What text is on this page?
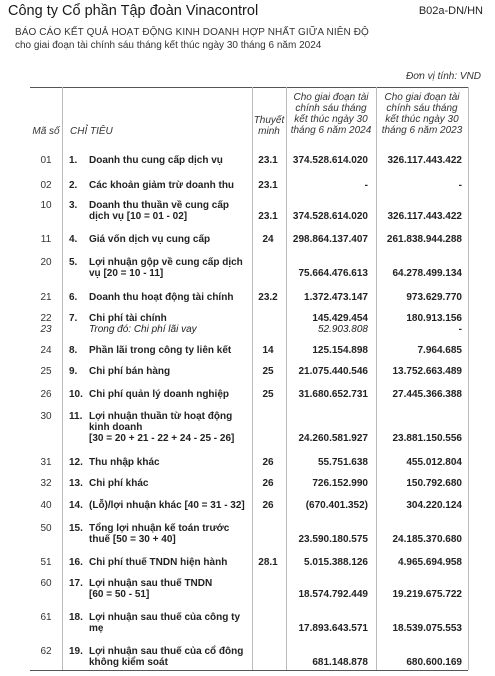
Công ty Cổ phần Tập đoàn Vinacontrol	B02a-DN/HN
BÁO CÁO KẾT QUẢ HOẠT ĐỘNG KINH DOANH HỢP NHẤT GIỮA NIÊN ĐỘ
cho giai đoạn tài chính sáu tháng kết thúc ngày 30 tháng 6 năm 2024
Đơn vị tính: VND
Mã số CHỈ TIÊU
Thuyết
minh
Cho giai đoạn tài
chính sáu tháng
kết thúc ngày 30
tháng 6 năm 2024
Cho giai đoạn tài
chính sáu tháng
kết thúc ngày 30
tháng 6 năm 2023
01	1. Doanh thu cung cấp dịch vụ	23.1	374.528.614.020	326.117.443.422
02	2. Các khoản giảm trừ doanh thu	23.1	-	-
10	3. Doanh thu thuần về cung cấp
dịch vụ [10 = 01 - 02]	23.1	374.528.614.020	326.117.443.422
11	4. Giá vốn dịch vụ cung cấp	24	298.864.137.407	261.838.944.288
20	5. Lợi nhuận gộp về cung cấp dịch
vụ [20 = 10 - 11]	75.664.476.613	64.278.499.134
21	6. Doanh thu hoạt động tài chính	23.2	1.372.473.147	973.629.770
22	7. Chi phí tài chính	145.429.454	180.913.156
23	Trong đó: Chi phí lãi vay	52.903.808	-
24	8. Phần lãi trong công ty liên kết	14	125.154.898	7.964.685
25	9. Chi phí bán hàng	25	21.075.440.546	13.752.663.489
26	10. Chi phí quản lý doanh nghiệp	25	31.680.652.731	27.445.366.388
30	11. Lợi nhuận thuần từ hoạt động
kinh doanh
[30 = 20 + 21 - 22 + 24 - 25 - 26]	24.260.581.927	23.881.150.556
31	12. Thu nhập khác	26	55.751.638	455.012.804
32	13. Chi phí khác	26	726.152.990	150.792.680
40	14. (Lỗ)/lợi nhuận khác [40 = 31 - 32]	26	(670.401.352)	304.220.124
50	15. Tổng lợi nhuận kế toán trước
thuế [50 = 30 + 40]	23.590.180.575	24.185.370.680
51	16. Chi phí thuế TNDN hiện hành	28.1	5.015.388.126	4.965.694.958
60	17. Lợi nhuận sau thuế TNDN
[60 = 50 - 51]	18.574.792.449	19.219.675.722
61	18. Lợi nhuận sau thuế của công ty
mẹ	17.893.643.571	18.539.075.553
62	19. Lợi nhuận sau thuế của cổ đông
không kiểm soát	681.148.878	680.600.169
